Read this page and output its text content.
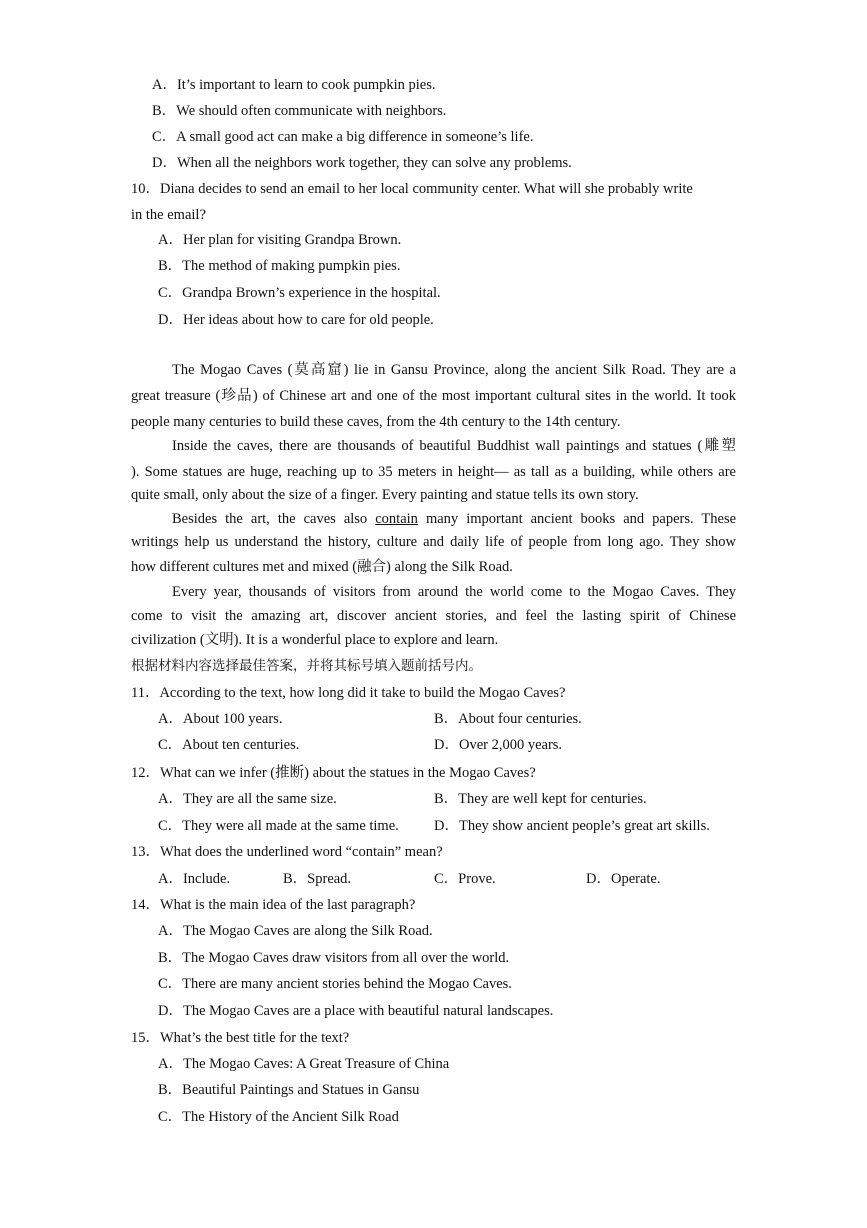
A．It’s important to learn to cook pumpkin pies.
B．We should often communicate with neighbors.
C．A small good act can make a big difference in someone’s life.
D．When all the neighbors work together, they can solve any problems.
10．Diana decides to send an email to her local community center. What will she probably write
in the email?
A．Her plan for visiting Grandpa Brown.
B．The method of making pumpkin pies.
C．Grandpa Brown’s experience in the hospital.
D．Her ideas about how to care for old people.
The Mogao Caves (莫高窟) lie in Gansu Province, along the ancient Silk Road. They are a
great treasure (珍品) of Chinese art and one of the most important cultural sites in the world. It took
people many centuries to build these caves, from the 4th century to the 14th century.
Inside the caves, there are thousands of beautiful Buddhist wall paintings and statues (雕塑
). Some statues are huge, reaching up to 35 meters in height— as tall as a building, while others are
quite small, only about the size of a finger. Every painting and statue tells its own story.
Besides the art, the caves also contain many important ancient books and papers. These
writings help us understand the history, culture and daily life of people from long ago. They show
how different cultures met and mixed (融合) along the Silk Road.
Every year, thousands of visitors from around the world come to the Mogao Caves. They
come to visit the amazing art, discover ancient stories, and feel the lasting spirit of Chinese
civilization (文明). It is a wonderful place to explore and learn.
根据材料内容选择最佳答案，并将其标号填入题前括号内。
11．According to the text, how long did it take to build the Mogao Caves?
A．About 100 years.	B．About four centuries.
C．About ten centuries.	D．Over 2,000 years.
12．What can we infer (推断) about the statues in the Mogao Caves?
A．They are all the same size.	B．They are well kept for centuries.
C．They were all made at the same time. D．They show ancient people’s great art skills.
13．What does the underlined word “contain” mean?
A．Include.	B．Spread.	C．Prove.	D．Operate.
14．What is the main idea of the last paragraph?
A．The Mogao Caves are along the Silk Road.
B．The Mogao Caves draw visitors from all over the world.
C．There are many ancient stories behind the Mogao Caves.
D．The Mogao Caves are a place with beautiful natural landscapes.
15．What’s the best title for the text?
A．The Mogao Caves: A Great Treasure of China
B．Beautiful Paintings and Statues in Gansu
C．The History of the Ancient Silk Road
